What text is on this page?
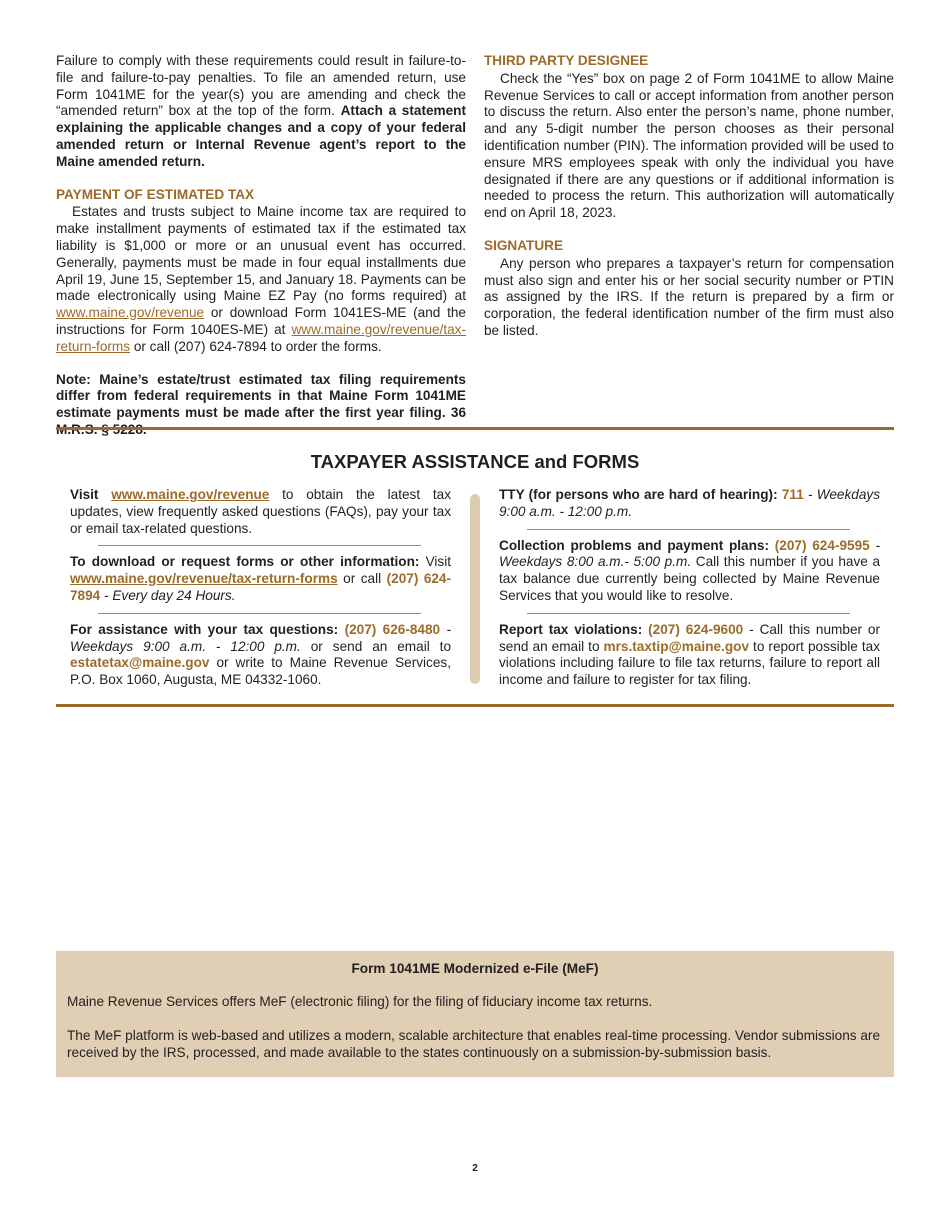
Failure to comply with these requirements could result in failure-to-file and failure-to-pay penalties. To file an amended return, use Form 1041ME for the year(s) you are amending and check the “amended return” box at the top of the form. Attach a statement explaining the applicable changes and a copy of your federal amended return or Internal Revenue agent’s report to the Maine amended return.

PAYMENT OF ESTIMATED TAX

Estates and trusts subject to Maine income tax are required to make installment payments of estimated tax if the estimated tax liability is $1,000 or more or an unusual event has occurred. Generally, payments must be made in four equal installments due April 19, June 15, September 15, and January 18. Payments can be made electronically using Maine EZ Pay (no forms required) at www.maine.gov/revenue or download Form 1041ES-ME (and the instructions for Form 1040ES-ME) at www.maine.gov/revenue/tax-return-forms or call (207) 624-7894 to order the forms.

Note: Maine’s estate/trust estimated tax filing requirements differ from federal requirements in that Maine Form 1041ME estimate payments must be made after the first year filing. 36

THIRD PARTY DESIGNEE

Check the “Yes” box on page 2 of Form 1041ME to allow Maine Revenue Services to call or accept information from another person to discuss the return. Also enter the person’s name, phone number, and any 5-digit number the person chooses as their personal identification number (PIN). The information provided will be used to ensure MRS employees speak with only the individual you have designated if there are any questions or if additional information is needed to process the return. This authorization will automatically end on April 18, 2023.

SIGNATURE

Any person who prepares a taxpayer’s return for compensation must also sign and enter his or her social security number or PTIN as assigned by the IRS. If the return is prepared by a firm or corporation, the federal identification number of the firm must also be listed.

TAXPAYER ASSISTANCE and FORMS

Visit www.maine.gov/revenue to obtain the latest tax updates, view frequently asked questions (FAQs), pay your tax or email tax-related questions.

To download or request forms or other information: Visit www.maine.gov/revenue/tax-return-forms or call (207) 624-7894 - Every day 24 Hours.

For assistance with your tax questions: (207) 626-8480 - Weekdays 9:00 a.m. - 12:00 p.m. or send an email to estatetax@maine.gov or write to Maine Revenue Services, P.O. Box 1060, Augusta, ME 04332-1060.

TTY (for persons who are hard of hearing): 711 - Weekdays 9:00 a.m. - 12:00 p.m.

Collection problems and payment plans: (207) 624-9595 - Weekdays 8:00 a.m.- 5:00 p.m. Call this number if you have a tax balance due currently being collected by Maine Revenue Services that you would like to resolve.

Report tax violations: (207) 624-9600 - Call this number or send an email to mrs.taxtip@maine.gov to report possible tax violations including failure to file tax returns, failure to report all income and failure to register for tax filing.

Form 1041ME Modernized e-File (MeF)

Maine Revenue Services offers MeF (electronic filing) for the filing of fiduciary income tax returns.

The MeF platform is web-based and utilizes a modern, scalable architecture that enables real-time processing. Vendor submissions are received by the IRS, processed, and made available to the states continuously on a submission-by-submission basis.

2
